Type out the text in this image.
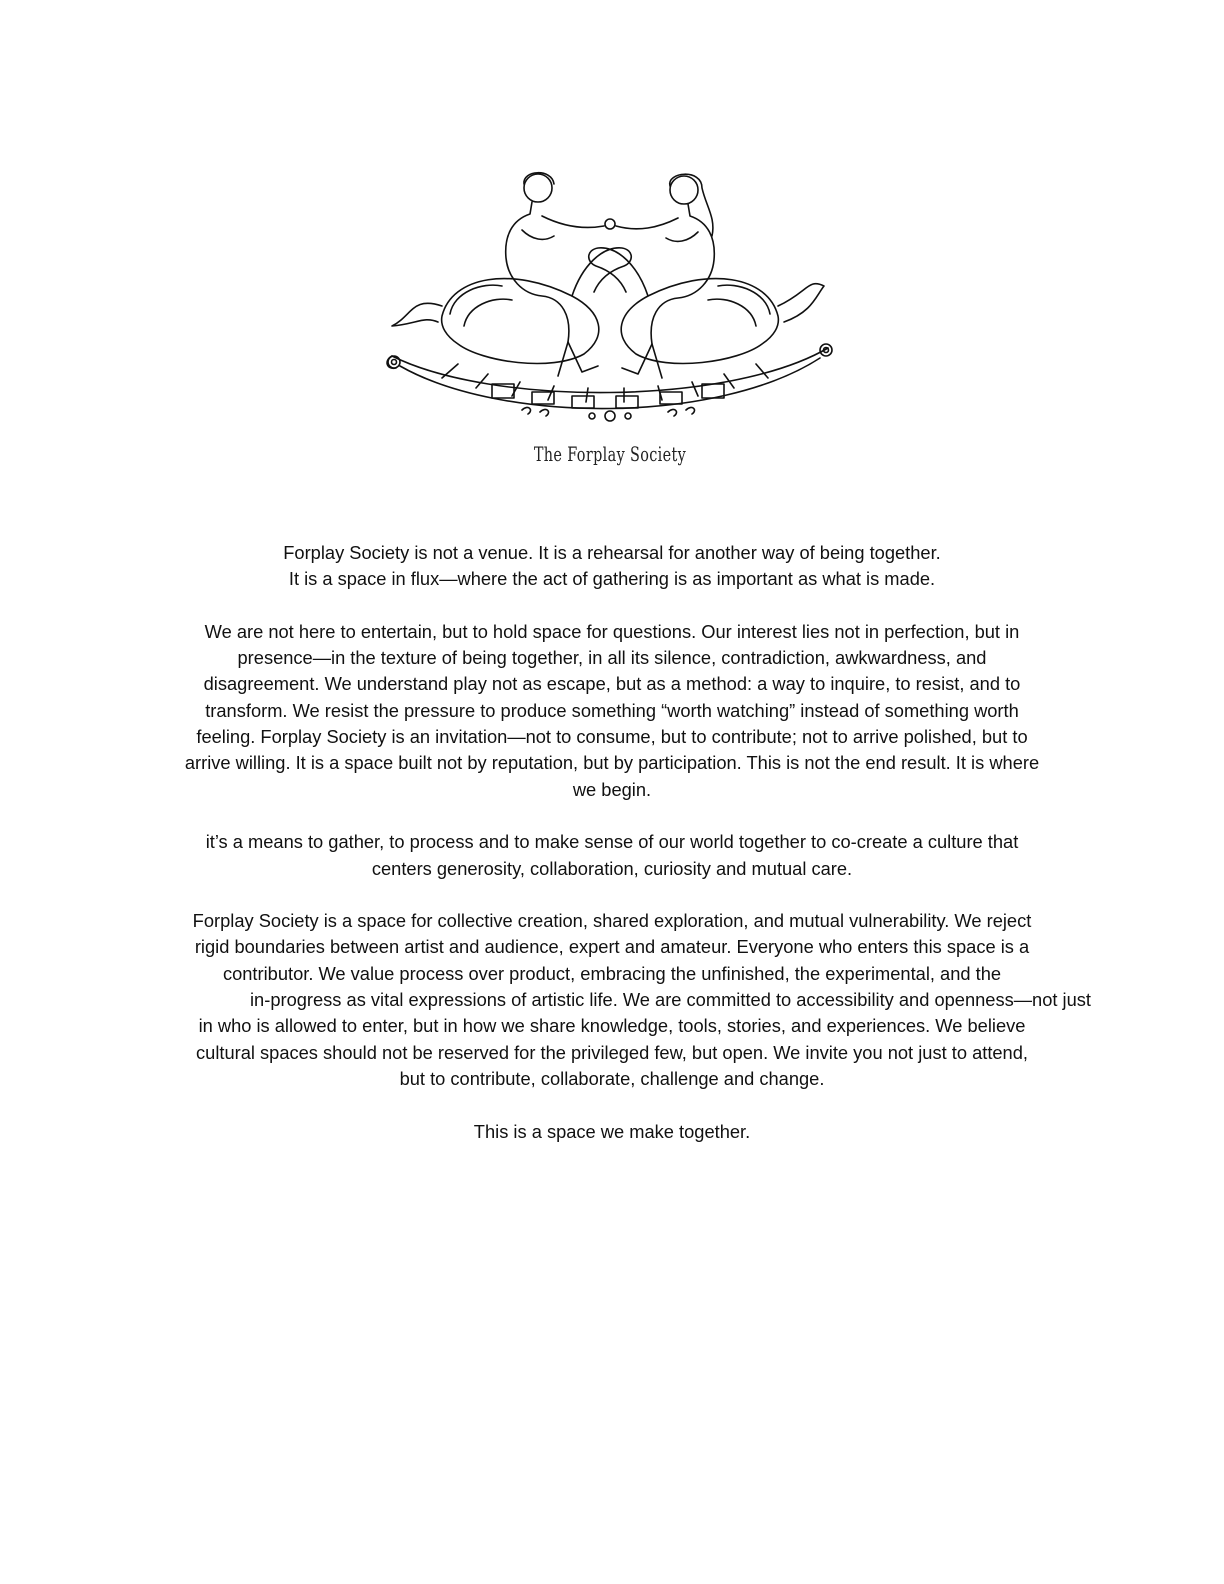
The Forplay Society
Forplay Society is not a venue. It is a rehearsal for another way of being together.
It is a space in flux—where the act of gathering is as important as what is made.
We are not here to entertain, but to hold space for questions. Our interest lies not in perfection, but in
presence—in the texture of being together, in all its silence, contradiction, awkwardness, and
disagreement. We understand play not as escape, but as a method: a way to inquire, to resist, and to
transform. We resist the pressure to produce something “worth watching” instead of something worth
feeling. Forplay Society is an invitation—not to consume, but to contribute; not to arrive polished, but to
arrive willing. It is a space built not by reputation, but by participation. This is not the end result. It is where
we begin.
it’s a means to gather, to process and to make sense of our world together to co-create a culture that
centers generosity, collaboration, curiosity and mutual care.
Forplay Society is a space for collective creation, shared exploration, and mutual vulnerability. We reject
rigid boundaries between artist and audience, expert and amateur. Everyone who enters this space is a
contributor. We value process over product, embracing the unfinished, the experimental, and the
in-progress as vital expressions of artistic life. We are committed to accessibility and openness—not just
in who is allowed to enter, but in how we share knowledge, tools, stories, and experiences. We believe
cultural spaces should not be reserved for the privileged few, but open. We invite you not just to attend,
but to contribute, collaborate, challenge and change.
This is a space we make together.
